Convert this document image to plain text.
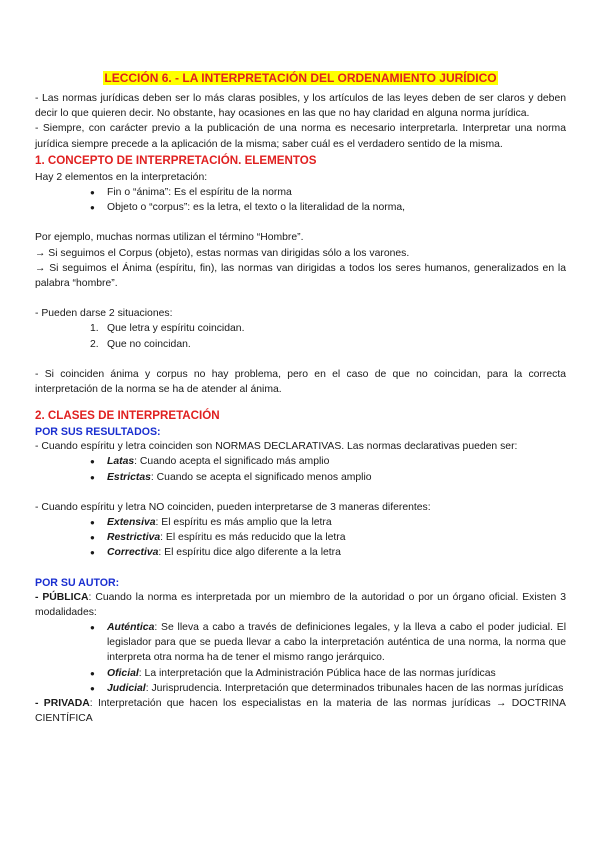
LECCIÓN 6. - LA INTERPRETACIÓN DEL ORDENAMIENTO JURÍDICO

- Las normas jurídicas deben ser lo más claras posibles, y los artículos de las leyes deben de ser claros y deben decir lo que quieren decir. No obstante, hay ocasiones en las que no hay claridad en alguna norma jurídica.

- Siempre, con carácter previo a la publicación de una norma es necesario interpretarla. Interpretar una norma jurídica siempre precede a la aplicación de la misma; saber cuál es el verdadero sentido de la misma.

1. CONCEPTO DE INTERPRETACIÓN. ELEMENTOS

Hay 2 elementos en la interpretación:

● Fin o “ánima”: Es el espíritu de la norma
● Objeto o “corpus”: es la letra, el texto o la literalidad de la norma,

Por ejemplo, muchas normas utilizan el término “Hombre”.

→ Si seguimos el Corpus (objeto), estas normas van dirigidas sólo a los varones.

→ Si seguimos el Ánima (espíritu, fin), las normas van dirigidas a todos los seres humanos, generalizados en la palabra “hombre”.

- Pueden darse 2 situaciones:

1. Que letra y espíritu coincidan.
2. Que no coincidan.

- Si coinciden ánima y corpus no hay problema, pero en el caso de que no coincidan, para la correcta interpretación de la norma se ha de atender al ánima.

2. CLASES DE INTERPRETACIÓN
POR SUS RESULTADOS:

- Cuando espíritu y letra coinciden son NORMAS DECLARATIVAS. Las normas declarativas pueden ser:

● Latas: Cuando acepta el significado más amplio
● Estrictas: Cuando se acepta el significado menos amplio

- Cuando espíritu y letra NO coinciden, pueden interpretarse de 3 maneras diferentes:

● Extensiva: El espíritu es más amplio que la letra
● Restrictiva: El espíritu es más reducido que la letra
● Correctiva: El espíritu dice algo diferente a la letra
POR SU AUTOR:

- PÚBLICA: Cuando la norma es interpretada por un miembro de la autoridad o por un órgano oficial. Existen 3 modalidades:

● Auténtica: Se lleva a cabo a través de definiciones legales, y la lleva a cabo el poder judicial. El legislador para que se pueda llevar a cabo la interpretación auténtica de una norma, la norma que interpreta otra norma ha de tener el mismo rango jerárquico.
● Oficial: La interpretación que la Administración Pública hace de las normas jurídicas
● Judicial: Jurisprudencia. Interpretación que determinados tribunales hacen de las normas jurídicas

- PRIVADA: Interpretación que hacen los especialistas en la materia de las normas jurídicas → DOCTRINA CIENTÍFICA
